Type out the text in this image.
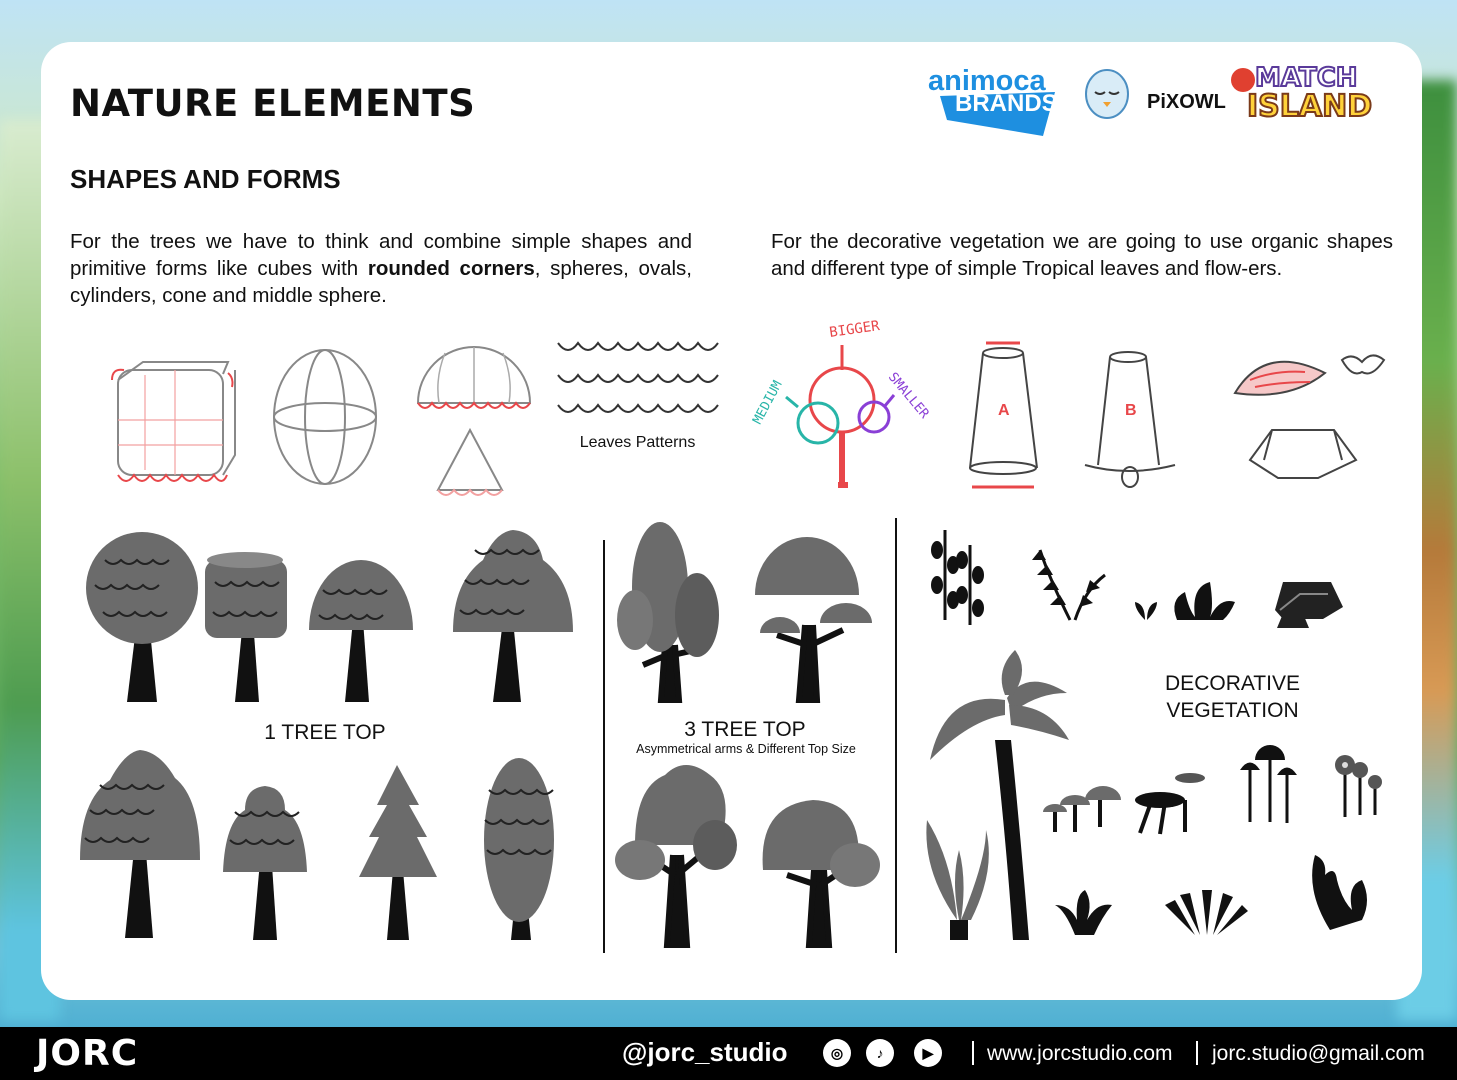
NATURE ELEMENTS
SHAPES AND FORMS
animoca
BRANDS	PiXOWL
MATCH
ISLAND
For the trees we have to think and combine simple shapes and primitive forms like cubes with rounded corners, spheres, ovals, cylinders, cone and middle sphere.
For the decorative vegetation we are going to use organic shapes and different type of simple Tropical leaves and flow-ers.
Leaves Patterns
BIGGER
MEDIUM	SMALLER	A	B
1 TREE TOP	3 TREE TOP
Asymmetrical arms & Different Top Size
DECORATIVE
VEGETATION
JORC	@jorc_studio	◎	♪	▶	www.jorcstudio.com jorc.studio@gmail.com
